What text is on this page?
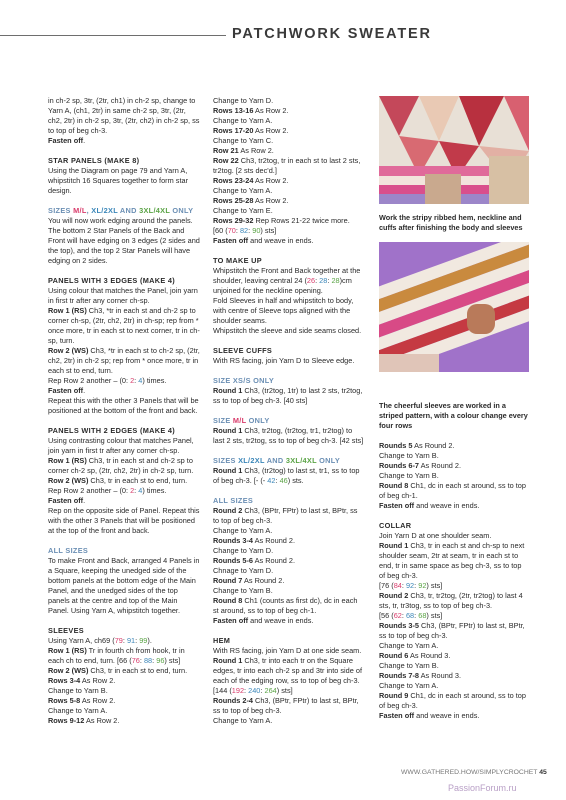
PATCHWORK SWEATER

in ch-2 sp, 3tr, (2tr, ch1) in ch-2 sp, change to Yarn A, (ch1, 2tr) in same ch-2 sp, 3tr, (2tr, ch2, 2tr) in ch-2 sp, 3tr, (2tr, ch2) in ch-2 sp, ss to top of beg ch-3.

Fasten off.

STAR PANELS (MAKE 8)

Using the Diagram on page 79 and Yarn A, whipstitch 16 Squares together to form star design.

SIZES M/L, XL/2XL AND 3XL/4XL ONLY

You will now work edging around the panels. The bottom 2 Star Panels of the Back and Front will have edging on 3 edges (2 sides and the top), and the top 2 Star Panels will have edging on 2 sides.

PANELS WITH 3 EDGES (MAKE 4)

Using colour that matches the Panel, join yarn in first tr after any corner ch-sp.

Row 1 (RS) Ch3, *tr in each st and ch-2 sp to corner ch-sp, (2tr, ch2, 2tr) in ch-sp; rep from * once more, tr in each st to next corner, tr in ch-sp, turn.

Row 2 (WS) Ch3, *tr in each st to ch-2 sp, (2tr, ch2, 2tr) in ch-2 sp; rep from * once more, tr in each st to end, turn.

Rep Row 2 another – (0: 2: 4) times.

Fasten off.

Repeat this with the other 3 Panels that will be positioned at the bottom of the front and back.

PANELS WITH 2 EDGES (MAKE 4)

Using contrasting colour that matches Panel, join yarn in first tr after any corner ch-sp.

Row 1 (RS) Ch3, tr in each st and ch-2 sp to corner ch-2 sp, (2tr, ch2, 2tr) in ch-2 sp, turn.

Row 2 (WS) Ch3, tr in each st to end, turn.

Rep Row 2 another – (0: 2: 4) times.

Fasten off.

Rep on the opposite side of Panel. Repeat this with the other 3 Panels that will be positioned at the top of the front and back.

ALL SIZES

To make Front and Back, arranged 4 Panels in a Square, keeping the unedged side of the bottom panels at the bottom edge of the Main Panel, and the unedged sides of the top panels at the centre and top of the Main Panel. Using Yarn A, whipstitch together.

SLEEVES

Using Yarn A, ch69 (79: 91: 99).

Row 1 (RS) Tr in fourth ch from hook, tr in each ch to end, turn. [66 (76: 88: 96) sts]

Row 2 (WS) Ch3, tr in each st to end, turn.

Rows 3-4 As Row 2.

Change to Yarn B.

Rows 5-8 As Row 2.

Change to Yarn A.

Rows 9-12 As Row 2.

Change to Yarn D.

Rows 13-16 As Row 2.

Change to Yarn A.

Rows 17-20 As Row 2.

Change to Yarn C.

Row 21 As Row 2.

Row 22 Ch3, tr2tog, tr in each st to last 2 sts, tr2tog. [2 sts dec'd.]

Rows 23-24 As Row 2.

Change to Yarn A.

Rows 25-28 As Row 2.

Change to Yarn E.

Rows 29-32 Rep Rows 21-22 twice more.

[60 (70: 82: 90) sts]

Fasten off and weave in ends.

TO MAKE UP

Whipstitch the Front and Back together at the shoulder, leaving central 24 (26: 28: 28)cm unjoined for the neckline opening.

Fold Sleeves in half and whipstitch to body, with centre of Sleeve tops aligned with the shoulder seams.

Whipstitch the sleeve and side seams closed.

SLEEVE CUFFS

With RS facing, join Yarn D to Sleeve edge.

SIZE XS/S ONLY

Round 1 Ch3, (tr2tog, 1tr) to last 2 sts, tr2tog, ss to top of beg ch-3. [40 sts]

SIZE M/L ONLY

Round 1 Ch3, tr2tog, (tr2tog, tr1, tr2tog) to last 2 sts, tr2tog, ss to top of beg ch-3. [42 sts]

SIZES XL/2XL AND 3XL/4XL ONLY

Round 1 Ch3, (tr2tog) to last st, tr1, ss to top of beg ch-3. [- (- 42: 46) sts.

ALL SIZES

Round 2 Ch3, (BPtr, FPtr) to last st, BPtr, ss to top of beg ch-3.

Change to Yarn A.

Rounds 3-4 As Round 2.

Change to Yarn D.

Rounds 5-6 As Round 2.

Chnage to Yarn D.

Round 7 As Round 2.

Change to Yarn B.

Round 8 Ch1 (counts as first dc), dc in each st around, ss to top of beg ch-1.

Fasten off and weave in ends.

HEM

With RS facing, join Yarn D at one side seam.

Round 1 Ch3, tr into each tr on the Square edges, tr into each ch-2 sp and 3tr into side of each of the edging row, ss to top of beg ch-3.

[144 (192: 240: 264) sts]

Rounds 2-4 Ch3, (BPtr, FPtr) to last st, BPtr, ss to top of beg ch-3.

Change to Yarn A.

Rounds 5 As Round 2.

Change to Yarn B.

Rounds 6-7 As Round 2.

Change to Yarn B.

Round 8 Ch1, dc in each st around, ss to top of beg ch-1.

Fasten off and weave in ends.

COLLAR

Join Yarn D at one shoulder seam.

Round 1 Ch3, tr in each st and ch-sp to next shoulder seam, 2tr at seam, tr in each st to end, tr in same space as beg ch-3, ss to top of beg ch-3.

[76 (84: 92: 92) sts]

Round 2 Ch3, tr, tr2tog, (2tr, tr2tog) to last 4 sts, tr, tr3tog, ss to top of beg ch-3.

[56 (62: 68: 68) sts]

Rounds 3-5 Ch3, (BPtr, FPtr) to last st, BPtr, ss to top of beg ch-3.

Change to Yarn A.

Round 6 As Round 3.

Change to Yarn B.

Rounds 7-8 As Round 3.

Change to Yarn A.

Round 9 Ch1, dc in each st around, ss to top of beg ch-3.

Fasten off and weave in ends.

Work the stripy ribbed hem, neckline and cuffs after finishing the body and sleeves

The cheerful sleeves are worked in a striped pattern, with a colour change every four rows

WWW.GATHERED.HOW/SIMPLYCROCHET 45
PassionForum.ru
